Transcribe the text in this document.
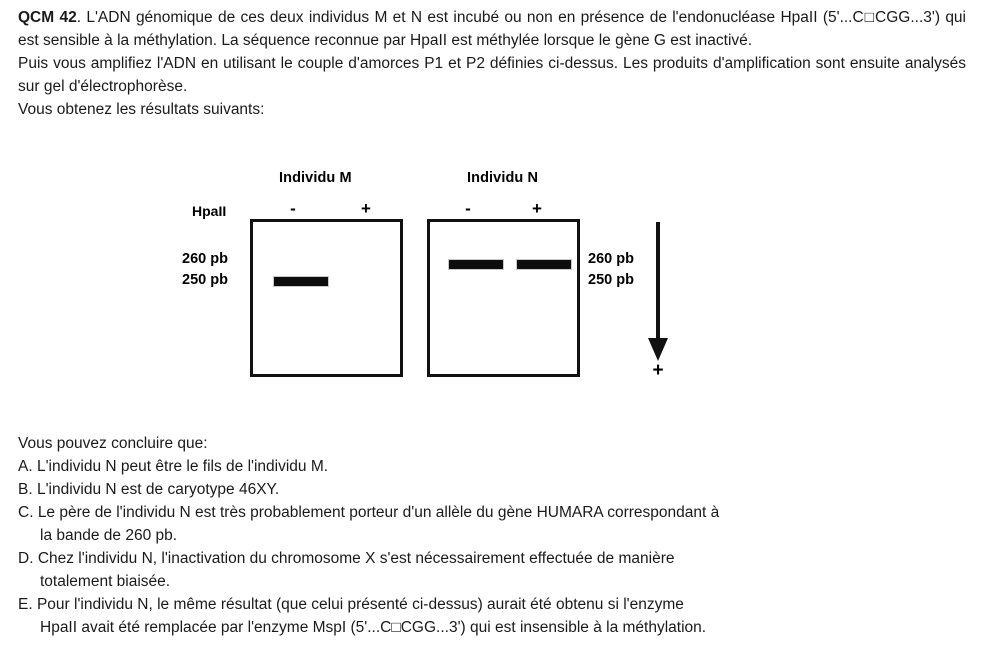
QCM 42. L'ADN génomique de ces deux individus M et N est incubé ou non en présence de l'endonucléase HpaII (5'...C□CGG...3') qui est sensible à la méthylation. La séquence reconnue par HpaII est méthylée lorsque le gène G est inactivé.

Puis vous amplifiez l'ADN en utilisant le couple d'amorces P1 et P2 définies ci-dessus. Les produits d'amplification sont ensuite analysés sur gel d'électrophorèse.

Vous obtenez les résultats suivants:

Individu M	Individu N
HpaII	-	+	-	+
260 pb
250 pb
260 pb
250 pb
+

Vous pouvez concluire que:

A. L'individu N peut être le fils de l'individu M.

B. L'individu N est de caryotype 46XY.

C. Le père de l'individu N est très probablement porteur d'un allèle du gène HUMARA correspondant à

la bande de 260 pb.

D. Chez l'individu N, l'inactivation du chromosome X s'est nécessairement effectuée de manière

totalement biaisée.

E. Pour l'individu N, le même résultat (que celui présenté ci-dessus) aurait été obtenu si l'enzyme

HpaII avait été remplacée par l'enzyme MspI (5'...C□CGG...3') qui est insensible à la méthylation.
